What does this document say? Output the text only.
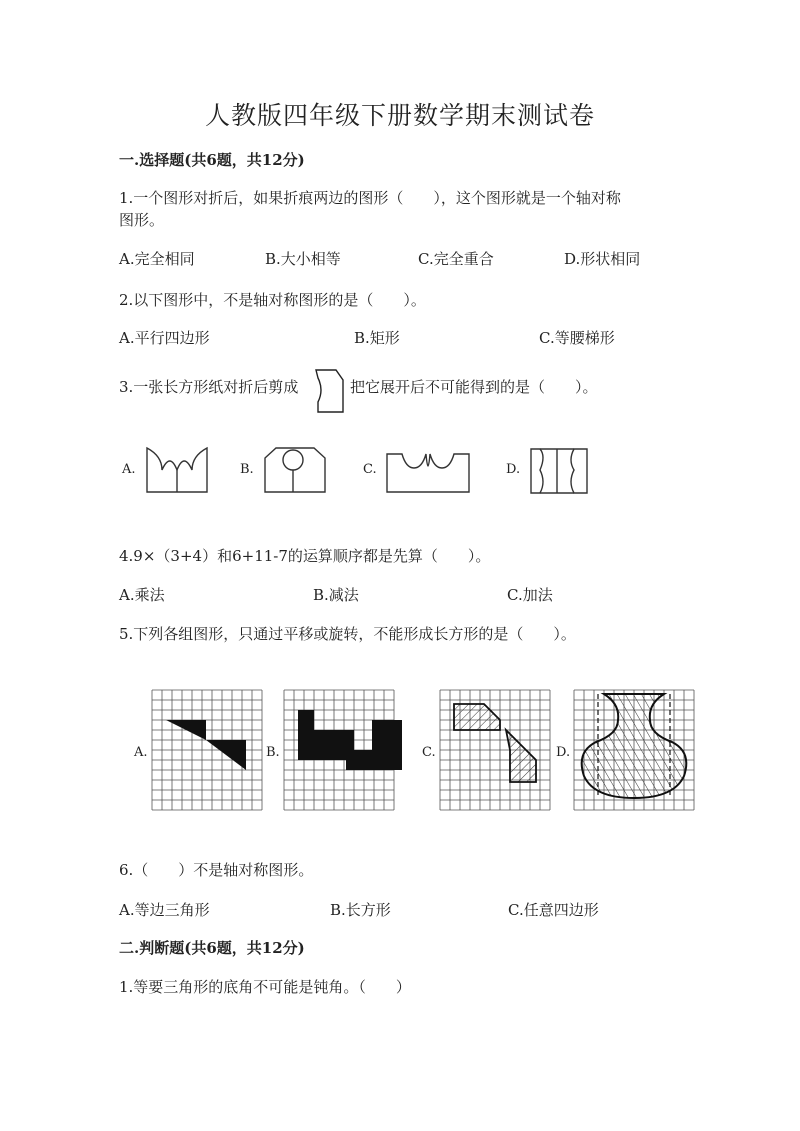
人教版四年级下册数学期末测试卷
一.选择题(共6题，共12分)
1.一个图形对折后，如果折痕两边的图形（　　），这个图形就是一个轴对称
图形。
A.完全相同	B.大小相等	C.完全重合	D.形状相同
2.以下图形中，不是轴对称图形的是（　　）。
A.平行四边形	B.矩形	C.等腰梯形
3.一张长方形纸对折后剪成	把它展开后不可能得到的是（　　）。
A.	B.	C.	D.
4.9×（3+4）和6+11-7的运算顺序都是先算（　　）。
A.乘法	B.减法	C.加法
5.下列各组图形，只通过平移或旋转，不能形成长方形的是（　　）。
A.	B.	C.	D.
6.（　　）不是轴对称图形。
A.等边三角形	B.长方形	C.任意四边形
二.判断题(共6题，共12分)
1.等要三角形的底角不可能是钝角。（　　）
